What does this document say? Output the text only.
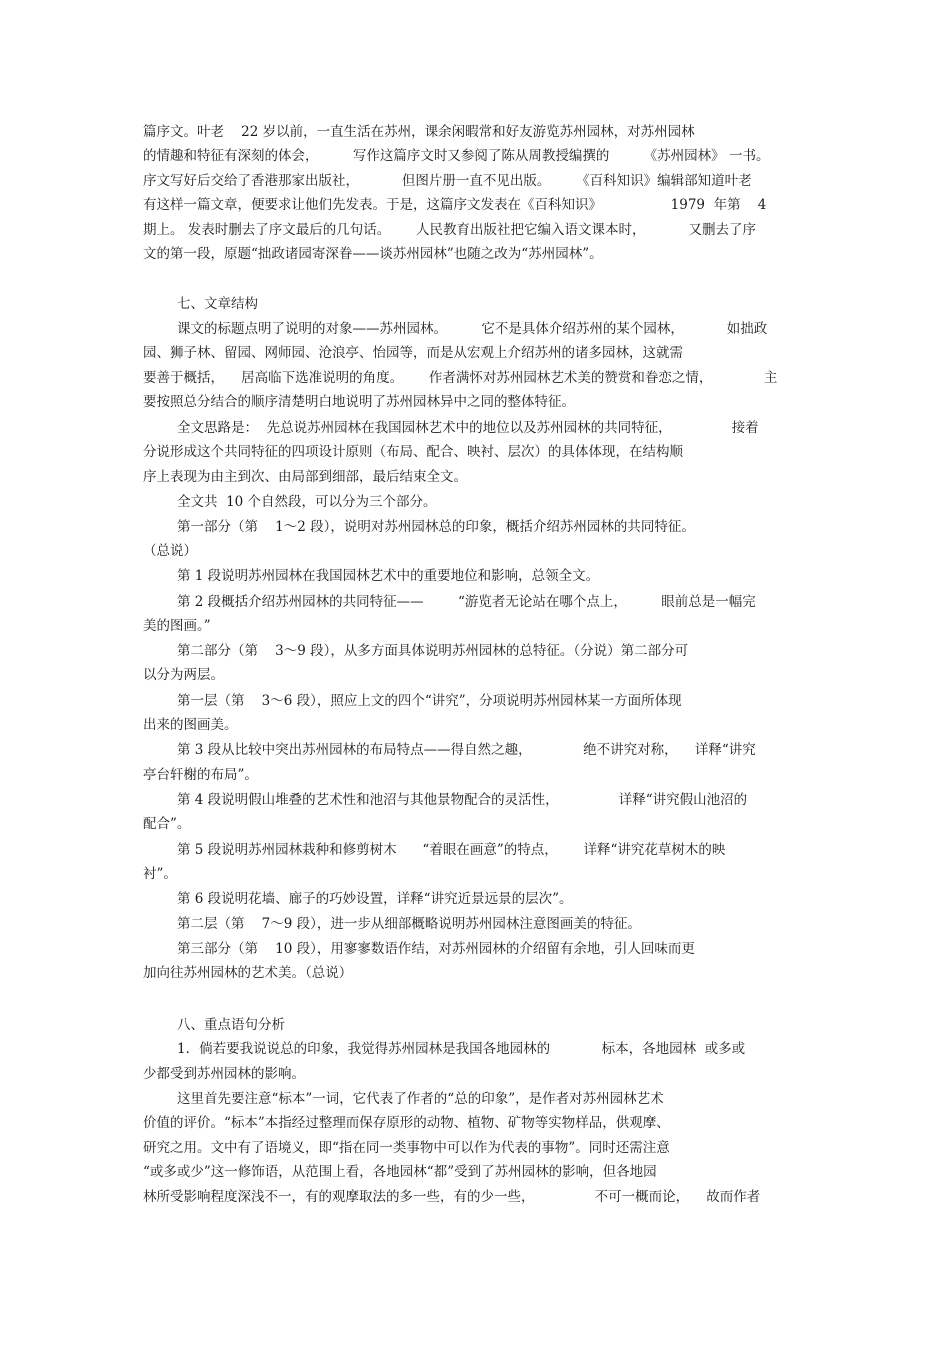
篇序文。叶老    22 岁以前，一直生活在苏州，课余闲暇常和好友游览苏州园林，对苏州园林
的情趣和特征有深刻的体会，        写作这篇序文时又参阅了陈从周教授编撰的        《苏州园林》 一书。
序文写好后交给了香港那家出版社，          但图片册一直不见出版。      《百科知识》编辑部知道叶老
有这样一篇文章，便要求让他们先发表。于是，这篇序文发表在《百科知识》                1979  年第    4
期上。 发表时删去了序文最后的几句话。      人民教育出版社把它编入语文课本时，          又删去了序
文的第一段，原题“拙政诸园寄深眷——谈苏州园林”也随之改为“苏州园林”。
七、文章结构
课文的标题点明了说明的对象——苏州园林。        它不是具体介绍苏州的某个园林，          如拙政
园、狮子林、留园、网师园、沧浪亭、怡园等，而是从宏观上介绍苏州的诸多园林，这就需
要善于概括，    居高临下选准说明的角度。      作者满怀对苏州园林艺术美的赞赏和眷恋之情，            主
要按照总分结合的顺序清楚明白地说明了苏州园林异中之同的整体特征。
全文思路是：  先总说苏州园林在我国园林艺术中的地位以及苏州园林的共同特征，              接着
分说形成这个共同特征的四项设计原则（布局、配合、映衬、层次）的具体体现，在结构顺
序上表现为由主到次、由局部到细部，最后结束全文。
全文共  10 个自然段，可以分为三个部分。
第一部分（第    1～2 段），说明对苏州园林总的印象，概括介绍苏州园林的共同特征。
（总说）
第 1 段说明苏州园林在我国园林艺术中的重要地位和影响，总领全文。
第 2 段概括介绍苏州园林的共同特征——        “游览者无论站在哪个点上，        眼前总是一幅完
美的图画。”
第二部分（第    3～9 段），从多方面具体说明苏州园林的总特征。（分说）第二部分可
以分为两层。
第一层（第    3～6 段），照应上文的四个“讲究”，分项说明苏州园林某一方面所体现
出来的图画美。
第 3 段从比较中突出苏州园林的布局特点——得自然之趣，            绝不讲究对称，    详释“讲究
亭台轩榭的布局”。
第 4 段说明假山堆叠的艺术性和池沼与其他景物配合的灵活性，              详释“讲究假山池沼的
配合”。
第 5 段说明苏州园林栽种和修剪树木      “着眼在画意”的特点，      详释“讲究花草树木的映
衬”。
第 6 段说明花墙、廊子的巧妙设置，详释“讲究近景远景的层次”。
第二层（第    7～9 段），进一步从细部概略说明苏州园林注意图画美的特征。
第三部分（第    10 段），用寥寥数语作结，对苏州园林的介绍留有余地，引人回味而更
加向往苏州园林的艺术美。（总说）
八、重点语句分析
1．倘若要我说说总的印象，我觉得苏州园林是我国各地园林的            标本，各地园林  或多或
少都受到苏州园林的影响。
这里首先要注意“标本”一词，它代表了作者的“总的印象”，是作者对苏州园林艺术
价值的评价。“标本”本指经过整理而保存原形的动物、植物、矿物等实物样品，供观摩、
研究之用。文中有了语境义，即“指在同一类事物中可以作为代表的事物”。同时还需注意
“或多或少”这一修饰语，从范围上看，各地园林“都”受到了苏州园林的影响，但各地园
林所受影响程度深浅不一，有的观摩取法的多一些，有的少一些，              不可一概而论，    故而作者
